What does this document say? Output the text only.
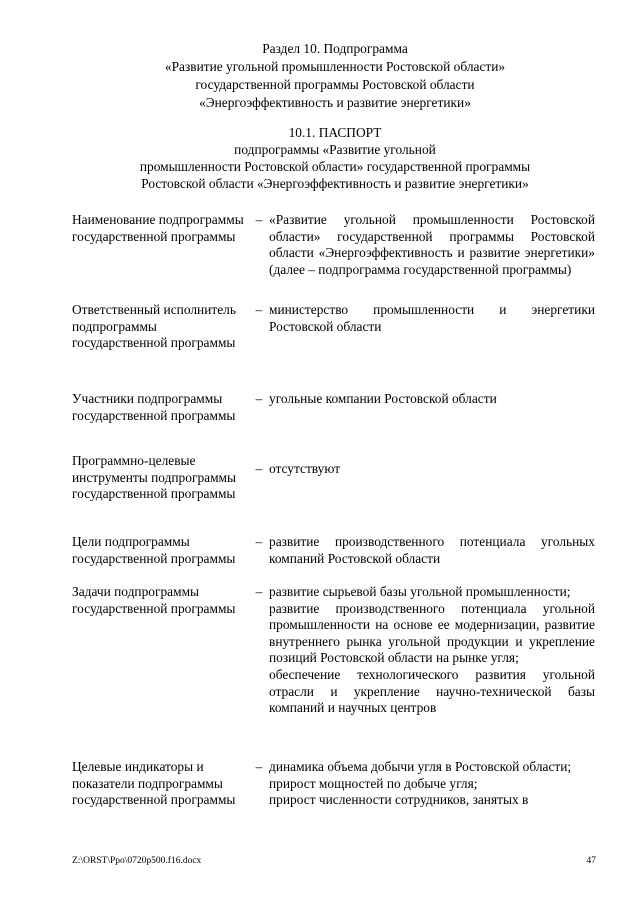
Раздел 10. Подпрограмма
«Развитие угольной промышленности Ростовской области»
государственной программы Ростовской области
«Энергоэффективность и развитие энергетики»
10.1. ПАСПОРТ
подпрограммы «Развитие угольной
промышленности Ростовской области» государственной программы
Ростовской области «Энергоэффективность и развитие энергетики»
Наименование подпрограммы государственной программы
– «Развитие угольной промышленности Ростовской области» государственной программы Ростовской области «Энергоэффективность и развитие энергетики» (далее – подпрограмма государственной программы)

Ответственный исполнитель подпрограммы государственной программы
– министерство промышленности и энергетики Ростовской области

Участники подпрограммы государственной программы
– угольные компании Ростовской области

Программно-целевые инструменты подпрограммы государственной программы
– отсутствуют

Цели подпрограммы государственной программы
– развитие производственного потенциала угольных компаний Ростовской области

Задачи подпрограммы государственной программы
– развитие сырьевой базы угольной промышленности;

развитие производственного потенциала угольной промышленности на основе ее модернизации, развитие внутреннего рынка угольной продукции и укрепление позиций Ростовской области на рынке угля;

обеспечение технологического развития угольной отрасли и укрепление научно-технической базы компаний и научных центров

Целевые индикаторы и показатели подпрограммы государственной программы
– динамика объема добычи угля в Ростовской области;

прирост мощностей по добыче угля;

прирост численности сотрудников, занятых в

Z:\ORST\Ppo\0720p500.f16.docx	47
